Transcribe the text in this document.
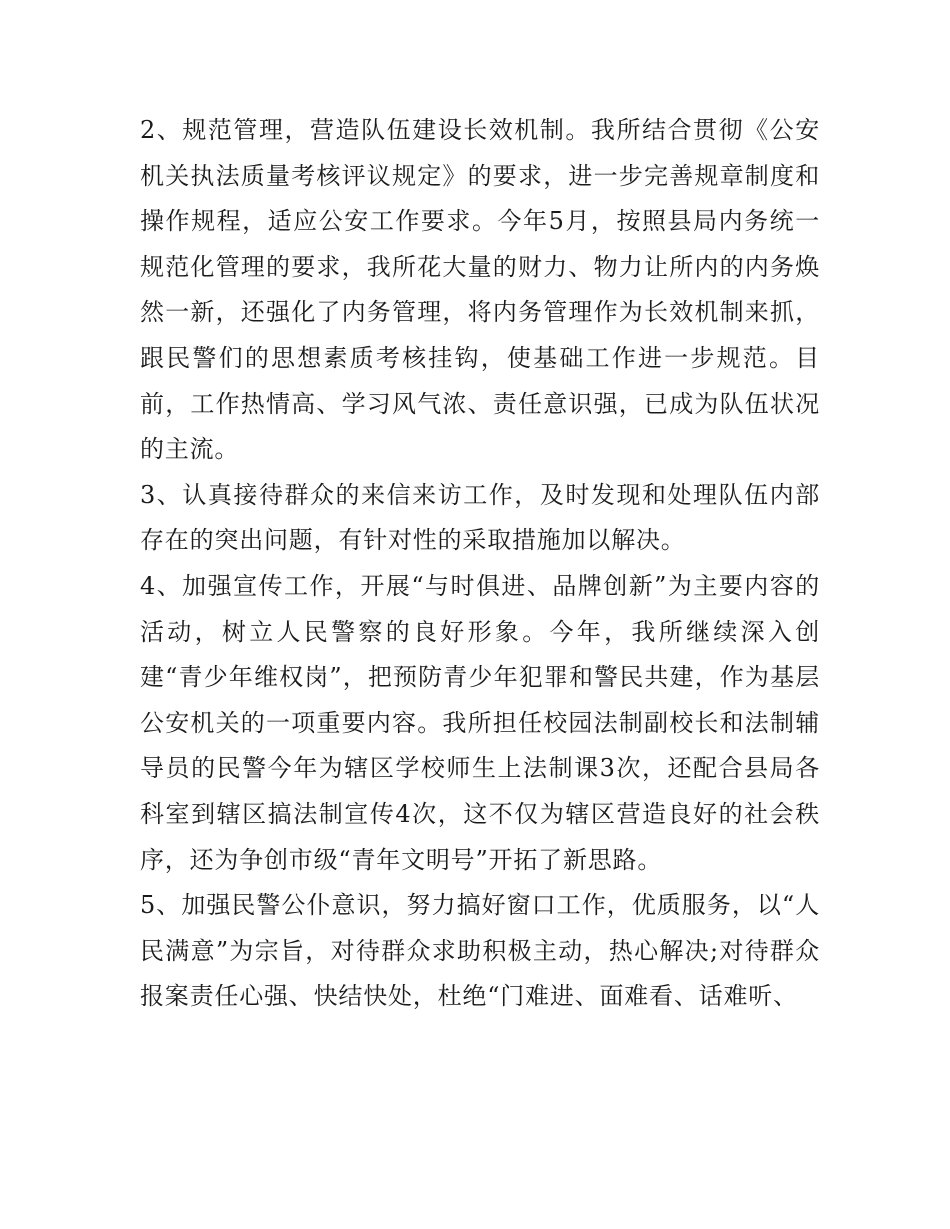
2、规范管理，营造队伍建设长效机制。我所结合贯彻《公安机关执法质量考核评议规定》的要求，进一步完善规章制度和操作规程，适应公安工作要求。今年5月，按照县局内务统一规范化管理的要求，我所花大量的财力、物力让所内的内务焕然一新，还强化了内务管理，将内务管理作为长效机制来抓，跟民警们的思想素质考核挂钩，使基础工作进一步规范。目前，工作热情高、学习风气浓、责任意识强，已成为队伍状况的主流。

3、认真接待群众的来信来访工作，及时发现和处理队伍内部存在的突出问题，有针对性的采取措施加以解决。

4、加强宣传工作，开展“与时俱进、品牌创新”为主要内容的活动，树立人民警察的良好形象。今年，我所继续深入创建“青少年维权岗”，把预防青少年犯罪和警民共建，作为基层公安机关的一项重要内容。我所担任校园法制副校长和法制辅导员的民警今年为辖区学校师生上法制课3次，还配合县局各科室到辖区搞法制宣传4次，这不仅为辖区营造良好的社会秩序，还为争创市级“青年文明号”开拓了新思路。

5、加强民警公仆意识，努力搞好窗口工作，优质服务，以“人民满意”为宗旨，对待群众求助积极主动，热心解决;对待群众报案责任心强、快结快处，杜绝“门难进、面难看、话难听、
